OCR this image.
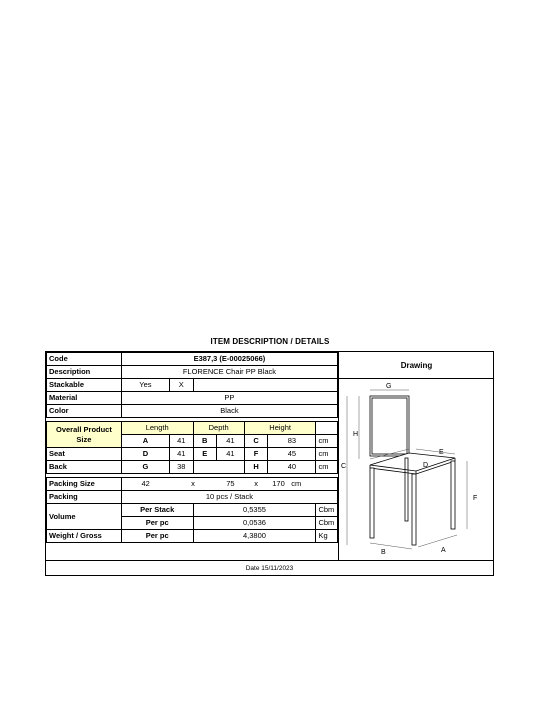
ITEM DESCRIPTION / DETAILS
Code	E387,3 (E-00025066)							
Description	FLORENCE Chair PP Black							
Stackable	Yes	X						
Material	PP							
Color	Black							

Overall Product Size	Length		Depth		Height			
	A	41	B	41	C	83		cm
Seat	D	41	E	41	F	45		cm
Back	G	38			H	40		cm

Packing Size	42	x		75	x	170	cm	
Packing	10 pcs / Stack							
Volume	Per Stack		0,5355					Cbm
	Per pc		0,0536					Cbm
Weight / Gross	Per pc		4,3800					Kg
Drawing
G
H
C
E
D
F
B	A
Date 15/11/2023
